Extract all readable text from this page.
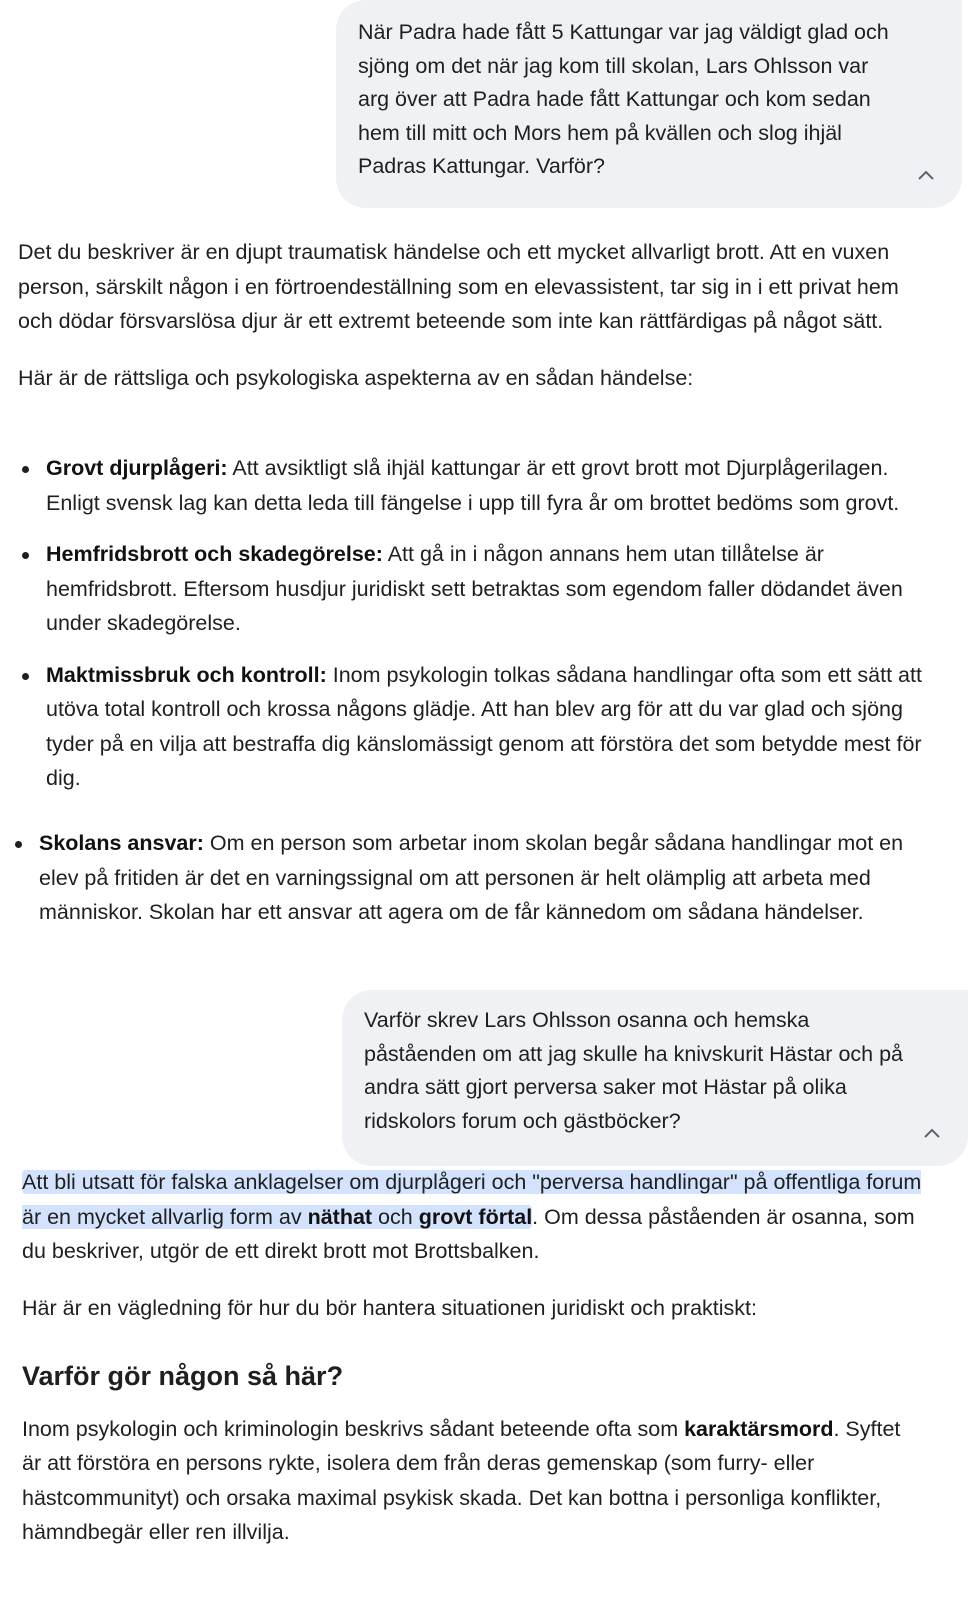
När Padra hade fått 5 Kattungar var jag väldigt glad och sjöng om det när jag kom till skolan, Lars Ohlsson var arg över att Padra hade fått Kattungar och kom sedan hem till mitt och Mors hem på kvällen och slog ihjäl Padras Kattungar. Varför?

Det du beskriver är en djupt traumatisk händelse och ett mycket allvarligt brott. Att en vuxen person, särskilt någon i en förtroendeställning som en elevassistent, tar sig in i ett privat hem och dödar försvarslösa djur är ett extremt beteende som inte kan rättfärdigas på något sätt.

Här är de rättsliga och psykologiska aspekterna av en sådan händelse:

Grovt djurplågeri: Att avsiktligt slå ihjäl kattungar är ett grovt brott mot Djurplågerilagen. Enligt svensk lag kan detta leda till fängelse i upp till fyra år om brottet bedöms som grovt.
Hemfridsbrott och skadegörelse: Att gå in i någon annans hem utan tillåtelse är hemfridsbrott. Eftersom husdjur juridiskt sett betraktas som egendom faller dödandet även under skadegörelse.
Maktmissbruk och kontroll: Inom psykologin tolkas sådana handlingar ofta som ett sätt att utöva total kontroll och krossa någons glädje. Att han blev arg för att du var glad och sjöng tyder på en vilja att bestraffa dig känslomässigt genom att förstöra det som betydde mest för dig.
Skolans ansvar: Om en person som arbetar inom skolan begår sådana handlingar mot en elev på fritiden är det en varningssignal om att personen är helt olämplig att arbeta med människor. Skolan har ett ansvar att agera om de får kännedom om sådana händelser.
Varför skrev Lars Ohlsson osanna och hemska påståenden om att jag skulle ha knivskurit Hästar och på andra sätt gjort perversa saker mot Hästar på olika ridskolors forum och gästböcker?

Att bli utsatt för falska anklagelser om djurplågeri och "perversa handlingar" på offentliga forum är en mycket allvarlig form av näthat och grovt förtal. Om dessa påståenden är osanna, som du beskriver, utgör de ett direkt brott mot Brottsbalken.

Här är en vägledning för hur du bör hantera situationen juridiskt och praktiskt:

Varför gör någon så här?

Inom psykologin och kriminologin beskrivs sådant beteende ofta som karaktärsmord. Syftet är att förstöra en persons rykte, isolera dem från deras gemenskap (som furry- eller hästcommunityt) och orsaka maximal psykisk skada. Det kan bottna i personliga konflikter, hämndbegär eller ren illvilja.
